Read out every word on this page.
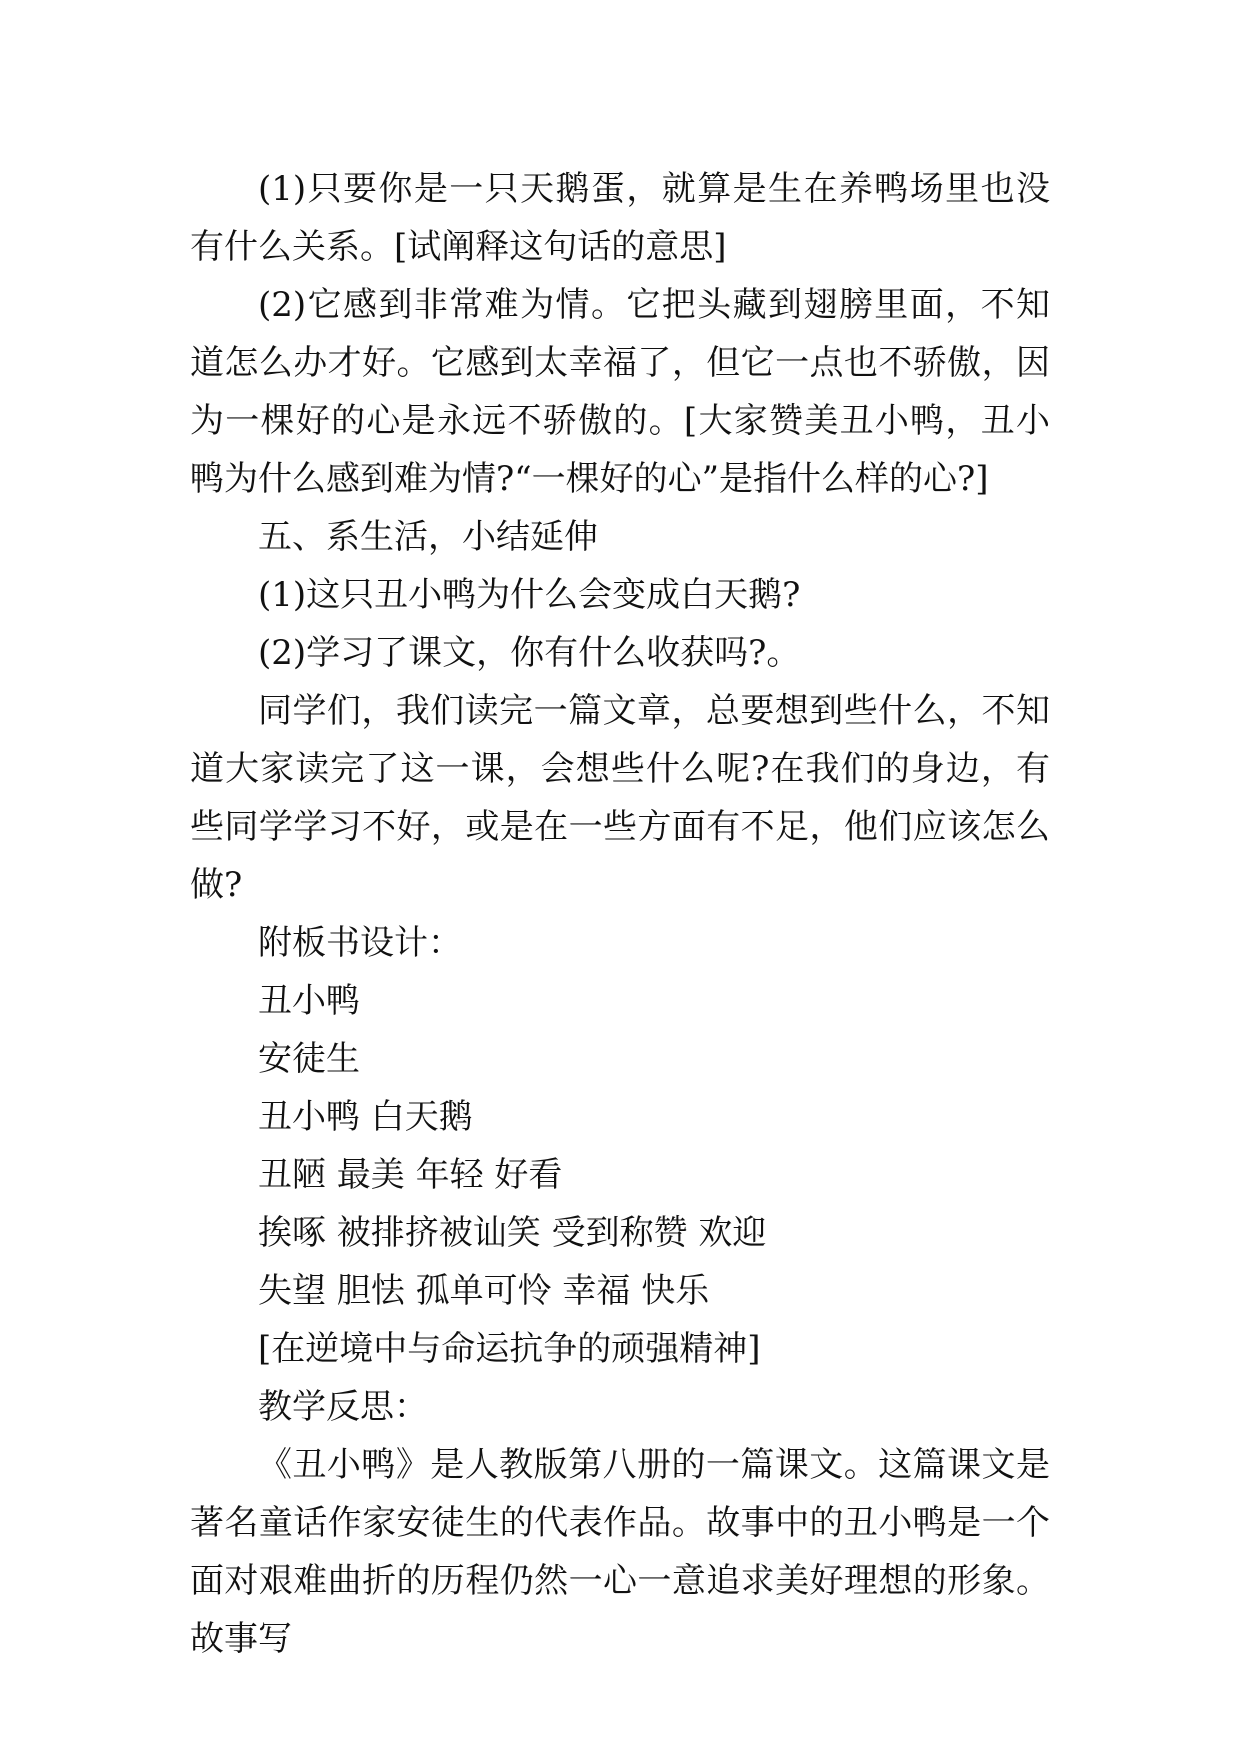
(1)只要你是一只天鹅蛋，就算是生在养鸭场里也没有什么关系。[试阐释这句话的意思]

(2)它感到非常难为情。它把头藏到翅膀里面，不知道怎么办才好。它感到太幸福了，但它一点也不骄傲，因为一棵好的心是永远不骄傲的。[大家赞美丑小鸭，丑小鸭为什么感到难为情?“一棵好的心”是指什么样的心?]

五、系生活，小结延伸

(1)这只丑小鸭为什么会变成白天鹅?

(2)学习了课文，你有什么收获吗?。

同学们，我们读完一篇文章，总要想到些什么，不知道大家读完了这一课，会想些什么呢?在我们的身边，有些同学学习不好，或是在一些方面有不足，他们应该怎么做?

附板书设计：

丑小鸭

安徒生

丑小鸭 白天鹅

丑陋 最美 年轻 好看

挨啄 被排挤被讪笑 受到称赞 欢迎

失望 胆怯 孤单可怜 幸福 快乐

[在逆境中与命运抗争的顽强精神]

教学反思：

《丑小鸭》是人教版第八册的一篇课文。这篇课文是著名童话作家安徒生的代表作品。故事中的丑小鸭是一个面对艰难曲折的历程仍然一心一意追求美好理想的形象。故事写
